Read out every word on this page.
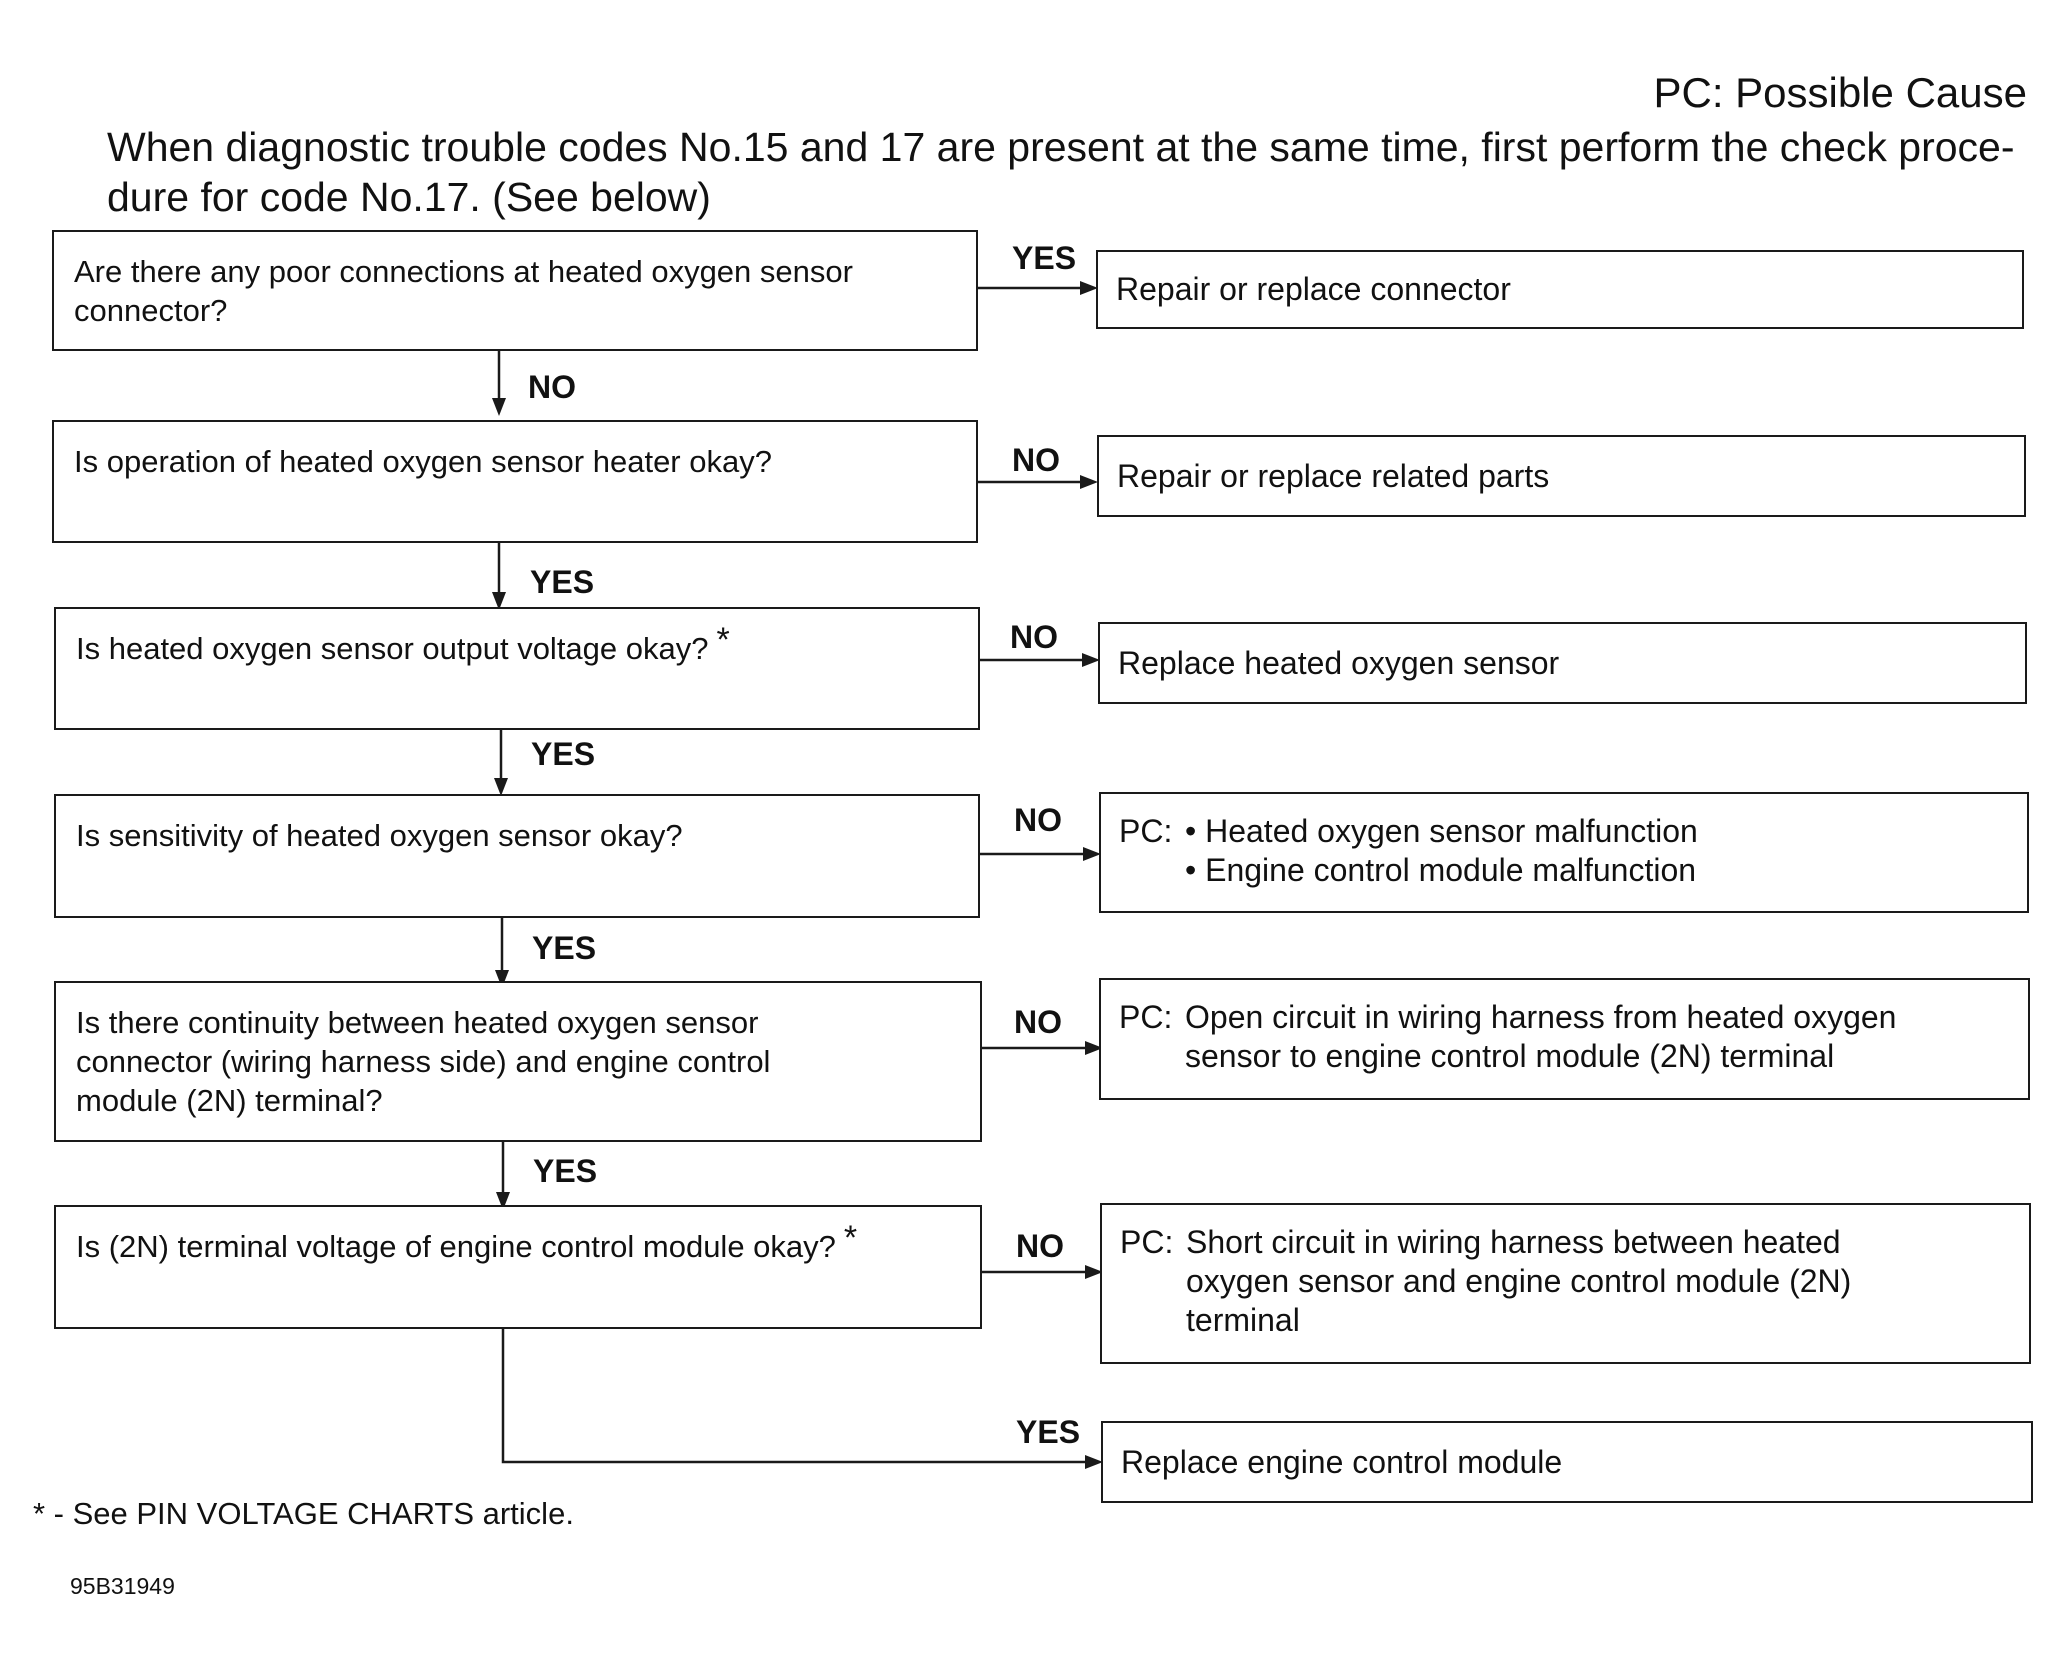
PC: Possible Cause
When diagnostic trouble codes No.15 and 17 are present at the same time, first perform the check proce-
dure for code No.17. (See below)
Are there any poor connections at heated oxygen sensor
connector?
Is operation of heated oxygen sensor heater okay?
Is heated oxygen sensor output voltage okay? *
Is sensitivity of heated oxygen sensor okay?
Is there continuity between heated oxygen sensor
connector (wiring harness side) and engine control
module (2N) terminal?
Is (2N) terminal voltage of engine control module okay? *
Repair or replace connector
Repair or replace related parts
Replace heated oxygen sensor
PC: • Heated oxygen sensor malfunction
• Engine control module malfunction
PC: Open circuit in wiring harness from heated oxygen
sensor to engine control module (2N) terminal
PC: Short circuit in wiring harness between heated
oxygen sensor and engine control module (2N)
terminal
Replace engine control module
YES
NO
NO
NO
NO
NO
YES
NO
YES
YES
YES
YES
* - See PIN VOLTAGE CHARTS article.
95B31949
